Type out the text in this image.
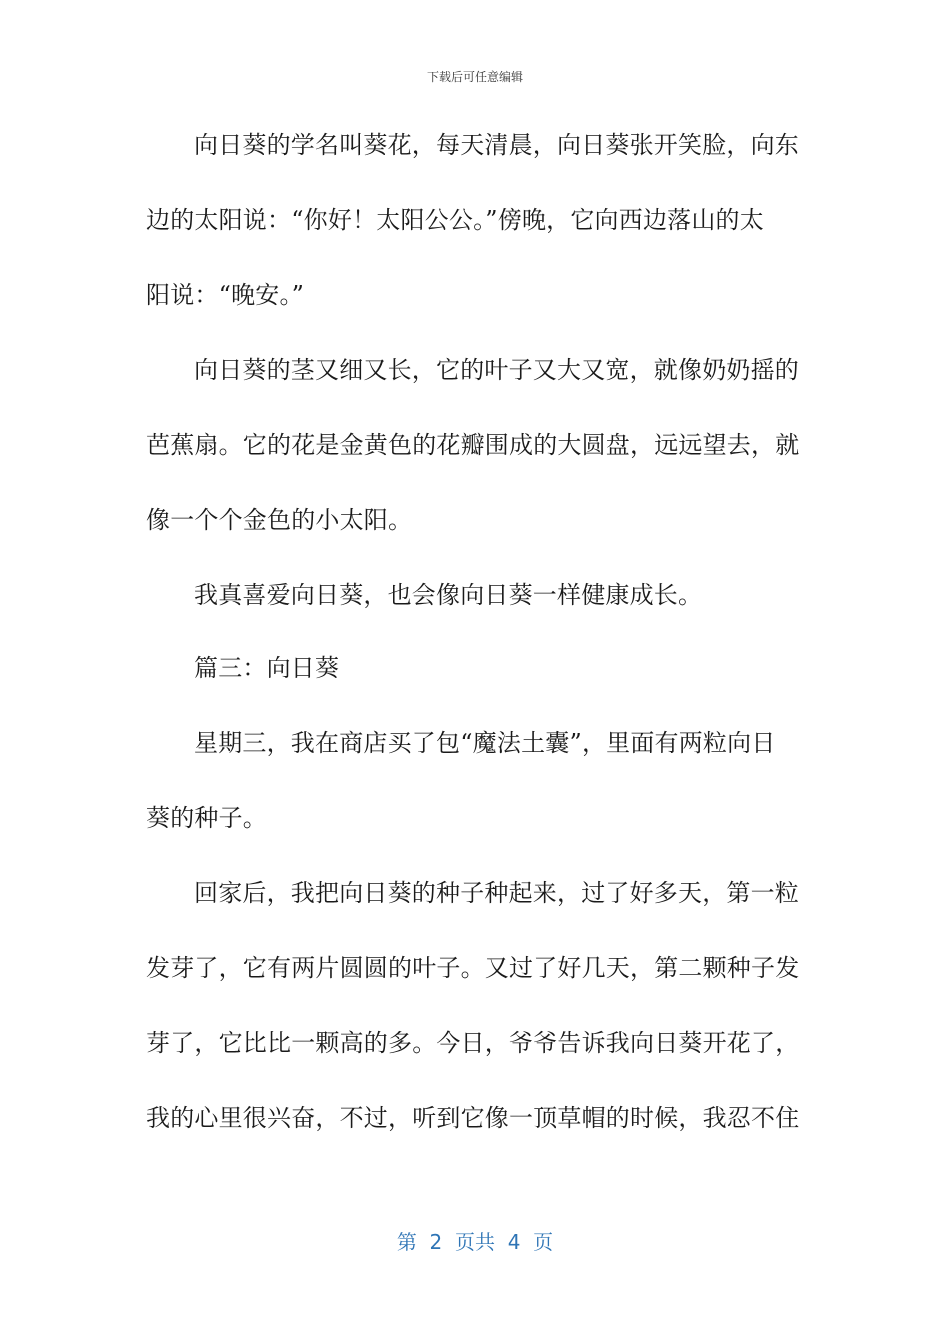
下载后可任意编辑
向日葵的学名叫葵花，每天清晨，向日葵张开笑脸，向东
边的太阳说：“你好！太阳公公。”傍晚，它向西边落山的太
阳说：“晚安。”
向日葵的茎又细又长，它的叶子又大又宽，就像奶奶摇的
芭蕉扇。它的花是金黄色的花瓣围成的大圆盘，远远望去，就
像一个个金色的小太阳。
我真喜爱向日葵，也会像向日葵一样健康成长。
篇三：向日葵
星期三，我在商店买了包“魔法土囊”，里面有两粒向日
葵的种子。
回家后，我把向日葵的种子种起来，过了好多天，第一粒
发芽了，它有两片圆圆的叶子。又过了好几天，第二颗种子发
芽了，它比比一颗高的多。今日，爷爷告诉我向日葵开花了，
我的心里很兴奋，不过，听到它像一顶草帽的时候，我忍不住
第  2  页共  4  页
